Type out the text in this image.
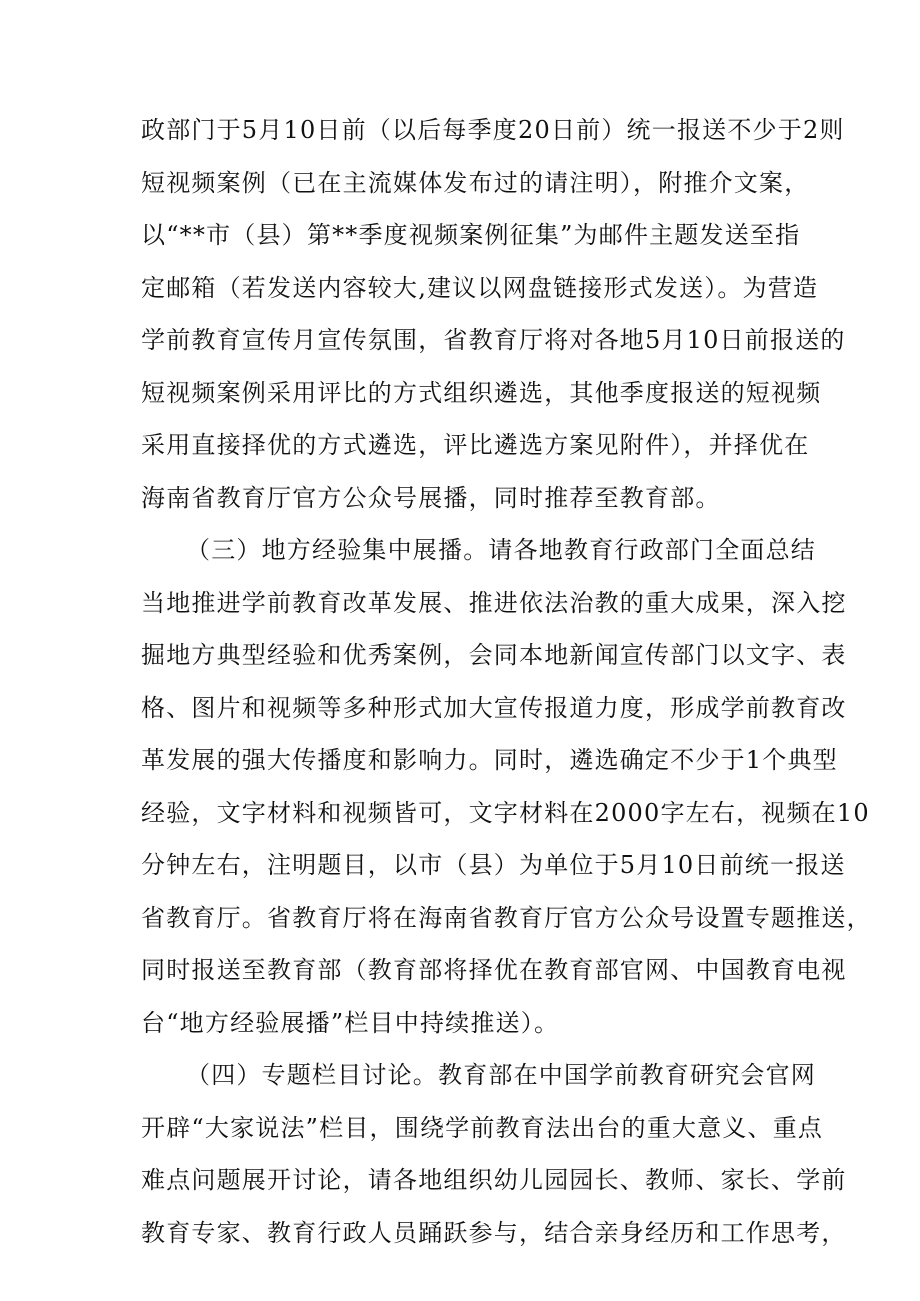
政部门于5月10日前（以后每季度20日前）统一报送不少于2则
短视频案例（已在主流媒体发布过的请注明），附推介文案，
以“**市（县）第**季度视频案例征集”为邮件主题发送至指
定邮箱（若发送内容较大,建议以网盘链接形式发送）。为营造
学前教育宣传月宣传氛围，省教育厅将对各地5月10日前报送的
短视频案例采用评比的方式组织遴选，其他季度报送的短视频
采用直接择优的方式遴选，评比遴选方案见附件），并择优在
海南省教育厅官方公众号展播，同时推荐至教育部。
（三）地方经验集中展播。请各地教育行政部门全面总结
当地推进学前教育改革发展、推进依法治教的重大成果，深入挖
掘地方典型经验和优秀案例，会同本地新闻宣传部门以文字、表
格、图片和视频等多种形式加大宣传报道力度，形成学前教育改
革发展的强大传播度和影响力。同时，遴选确定不少于1个典型
经验，文字材料和视频皆可，文字材料在2000字左右，视频在10
分钟左右，注明题目，以市（县）为单位于5月10日前统一报送
省教育厅。省教育厅将在海南省教育厅官方公众号设置专题推送，
同时报送至教育部（教育部将择优在教育部官网、中国教育电视
台“地方经验展播”栏目中持续推送）。
（四）专题栏目讨论。教育部在中国学前教育研究会官网
开辟“大家说法”栏目，围绕学前教育法出台的重大意义、重点
难点问题展开讨论，请各地组织幼儿园园长、教师、家长、学前
教育专家、教育行政人员踊跃参与，结合亲身经历和工作思考，
